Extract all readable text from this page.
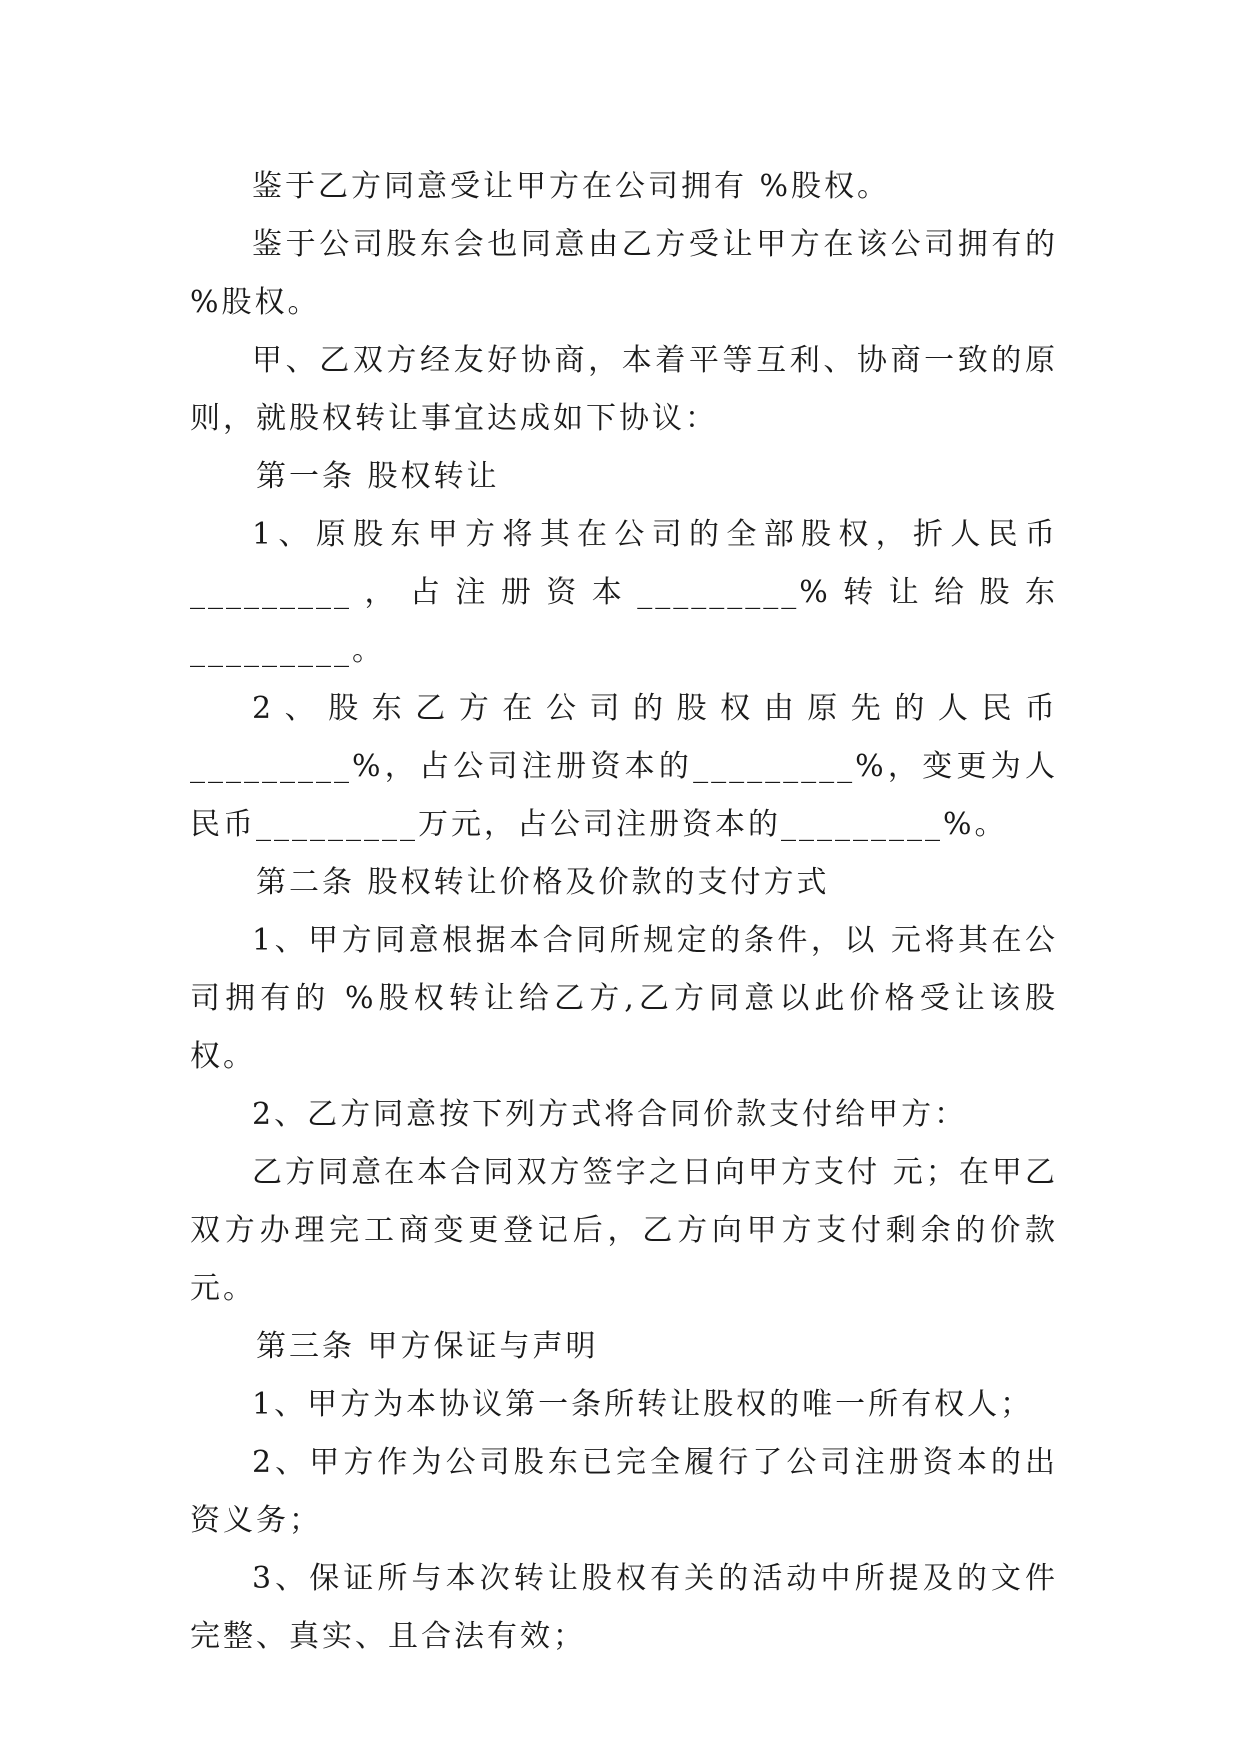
鉴于乙方同意受让甲方在公司拥有 %股权。

鉴于公司股东会也同意由乙方受让甲方在该公司拥有的 %股权。

甲、乙双方经友好协商，本着平等互利、协商一致的原则，就股权转让事宜达成如下协议：

第一条 股权转让

1、原股东甲方将其在公司的全部股权，折人民币_________，占注册资本_________%转让给股东_________。

2、股东乙方在公司的股权由原先的人民币_________%，占公司注册资本的_________%，变更为人民币_________万元，占公司注册资本的_________%。

第二条 股权转让价格及价款的支付方式

1、甲方同意根据本合同所规定的条件，以 元将其在公司拥有的 %股权转让给乙方,乙方同意以此价格受让该股权。

2、乙方同意按下列方式将合同价款支付给甲方：

乙方同意在本合同双方签字之日向甲方支付 元；在甲乙双方办理完工商变更登记后，乙方向甲方支付剩余的价款元。

第三条 甲方保证与声明

1、甲方为本协议第一条所转让股权的唯一所有权人；

2、甲方作为公司股东已完全履行了公司注册资本的出资义务；

3、保证所与本次转让股权有关的活动中所提及的文件完整、真实、且合法有效；
